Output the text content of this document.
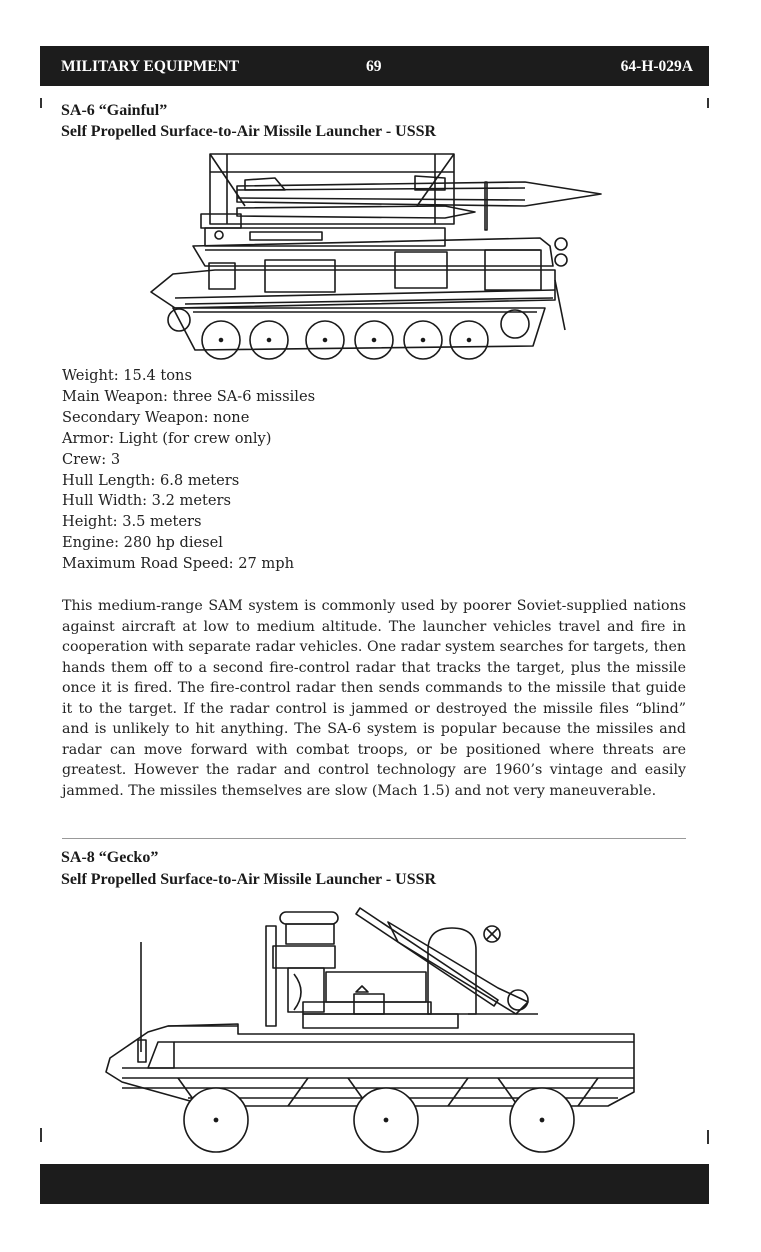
MILITARY EQUIPMENT	69	64-H-029A
SA-6 “Gainful”
Self Propelled Surface-to-Air Missile Launcher - USSR
Weight: 15.4 tons
Main Weapon: three SA-6 missiles
Secondary Weapon: none
Armor: Light (for crew only)
Crew: 3
Hull Length: 6.8 meters
Hull Width: 3.2 meters
Height: 3.5 meters
Engine: 280 hp diesel
Maximum Road Speed: 27 mph

This medium-range SAM system is commonly used by poorer Soviet-supplied nations against aircraft at low to medium altitude. The launcher vehicles travel and fire in cooperation with separate radar vehicles. One radar system searches for targets, then hands them off to a second fire-control radar that tracks the target, plus the missile once it is fired. The fire-control radar then sends commands to the missile that guide it to the target. If the radar control is jammed or destroyed the missile files “blind” and is unlikely to hit anything. The SA-6 system is popular because the missiles and radar can move forward with combat troops, or be positioned where threats are greatest. However the radar and control technology are 1960’s vintage and easily jammed. The missiles themselves are slow (Mach 1.5) and not very maneuverable.

SA-8 “Gecko”
Self Propelled Surface-to-Air Missile Launcher - USSR
